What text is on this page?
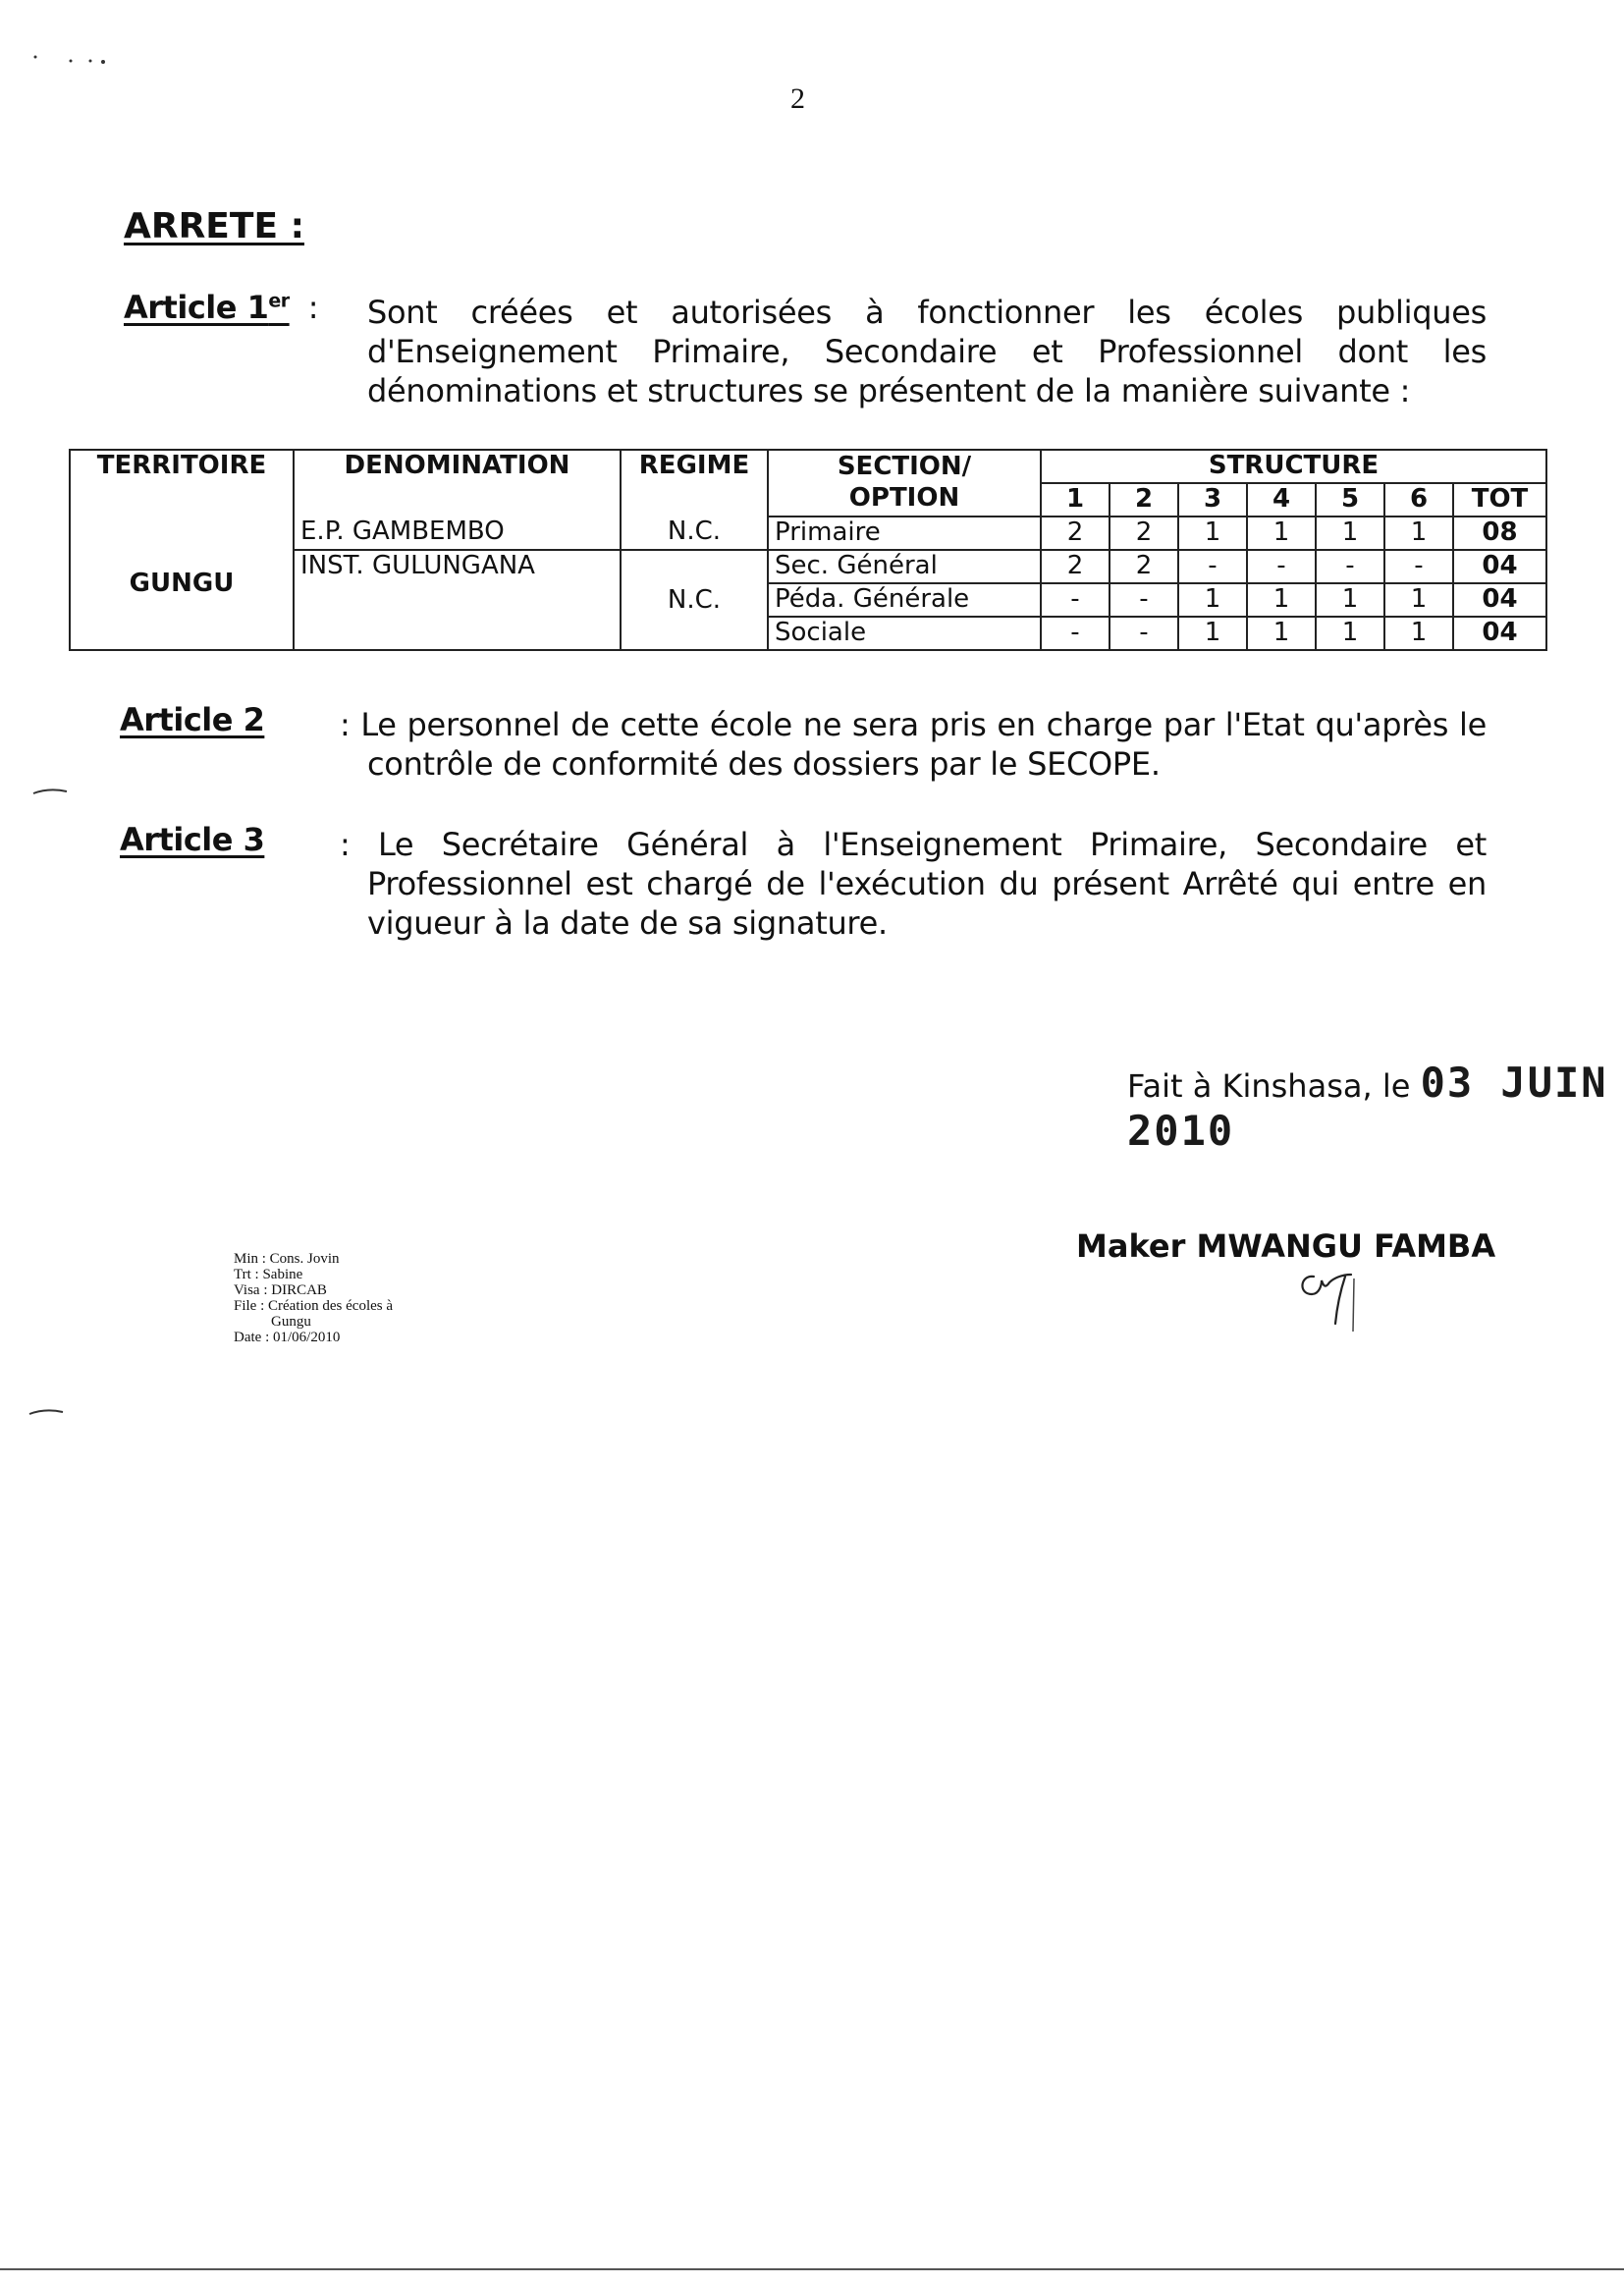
2
ARRETE :
Article 1er : Sont créées et autorisées à fonctionner les écoles publiques
d'Enseignement Primaire, Secondaire et Professionnel dont les
dénominations et structures se présentent de la manière suivante :
TERRITOIRE	DENOMINATION	REGIME	SECTION/
OPTION	STRUCTURE						
				1	2	3	4	5	6	TOT
GUNGU	E.P. GAMBEMBO	N.C.	Primaire	2	2	1	1	1	1	08
	INST. GULUNGANA	N.C.	Sec. Général	2	2	-	-	-	-	04
			Péda. Générale	-	-	1	1	1	1	04
			Sociale	-	-	1	1	1	1	04
Article 2 : Le personnel de cette école ne sera pris en charge par l'Etat qu'après le
contrôle de conformité des dossiers par le SECOPE.
Article 3 : Le Secrétaire Général à l'Enseignement Primaire, Secondaire et
Professionnel est chargé de l'exécution du présent Arrêté qui entre en
vigueur à la date de sa signature.
Fait à Kinshasa, le 03 JUIN 2010
Min : Cons. Jovin
Trt : Sabine
Visa : DIRCAB
File : Création des écoles à
Gungu
Date : 01/06/2010
Maker MWANGU FAMBA
